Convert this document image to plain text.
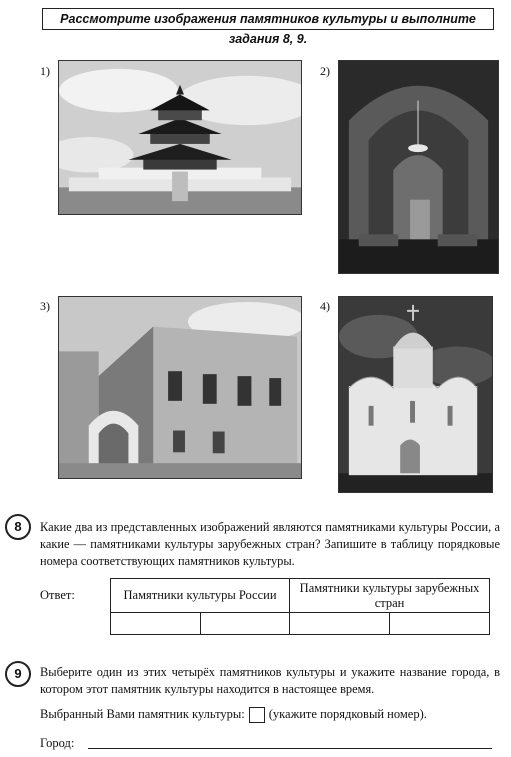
Рассмотрите изображения памятников культуры и выполните задания 8, 9.
1)	2)
3)	4)
8	Какие два из представленных изображений являются памятниками культуры России, а какие — памятниками культуры зарубежных стран? Запишите в таблицу порядковые номера соответствующих памятников культуры.
Ответ:	Памятники культуры России		Памятники культуры зарубежных стран	

9	Выберите один из этих четырёх памятников культуры и укажите название города, в котором этот памятник культуры находится в настоящее время.
Выбранный Вами памятник культуры: (укажите порядковый номер).
Город:
